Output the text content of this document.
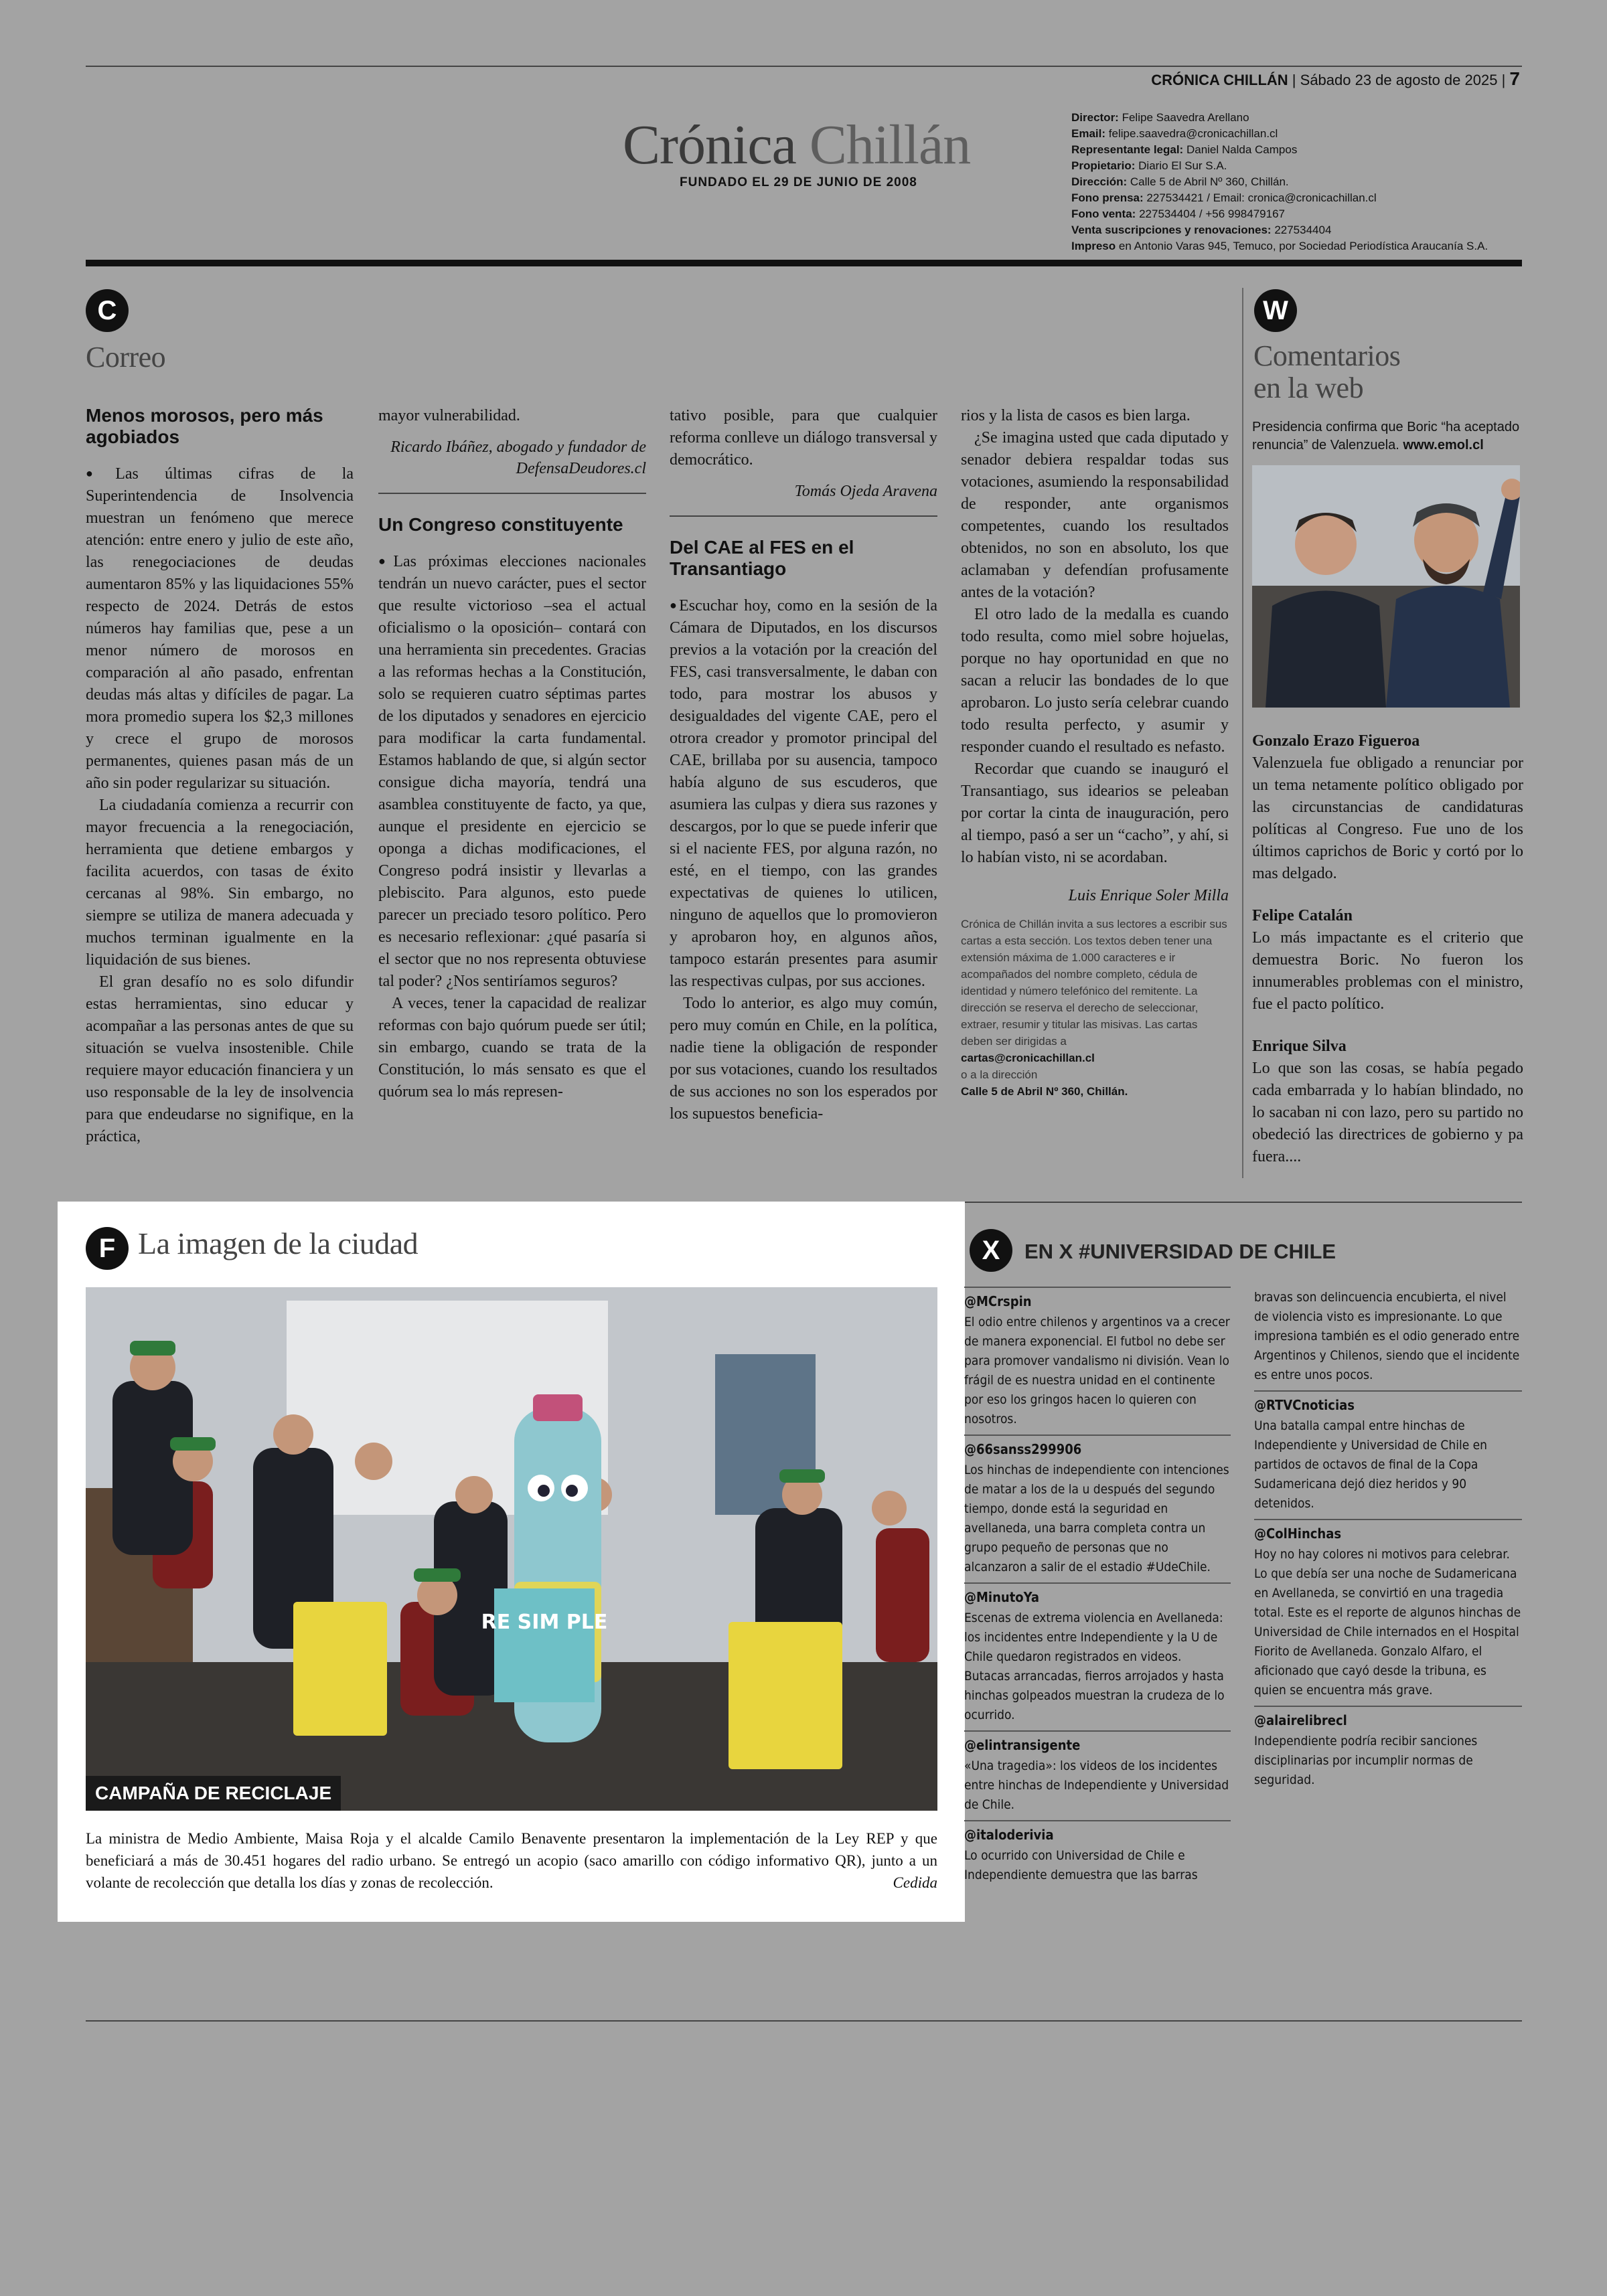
CRÓNICA CHILLÁN | Sábado 23 de agosto de 2025 | 7
Crónica Chillán
FUNDADO EL 29 DE JUNIO DE 2008

Director: Felipe Saavedra Arellano

Email: felipe.saavedra@cronicachillan.cl

Representante legal: Daniel Nalda Campos

Propietario: Diario El Sur S.A.

Dirección: Calle 5 de Abril Nº 360, Chillán.

Fono prensa: 227534421 / Email: cronica@cronicachillan.cl

Fono venta: 227534404 / +56 998479167

Venta suscripciones y renovaciones: 227534404

Impreso en Antonio Varas 945, Temuco, por Sociedad Periodística Araucanía S.A.

C
Correo
Menos morosos, pero más agobiados

●Las últimas cifras de la Superintendencia de Insolvencia muestran un fenómeno que merece atención: entre enero y julio de este año, las renegociaciones de deudas aumentaron 85% y las liquidaciones 55% respecto de 2024. Detrás de estos números hay familias que, pese a un menor número de morosos en comparación al año pasado, enfrentan deudas más altas y difíciles de pagar. La mora promedio supera los $2,3 millones y crece el grupo de morosos permanentes, quienes pasan más de un año sin poder regularizar su situación.

La ciudadanía comienza a recurrir con mayor frecuencia a la renegociación, herramienta que detiene embargos y facilita acuerdos, con tasas de éxito cercanas al 98%. Sin embargo, no siempre se utiliza de manera adecuada y muchos terminan igualmente en la liquidación de sus bienes.

El gran desafío no es solo difundir estas herramientas, sino educar y acompañar a las personas antes de que su situación se vuelva insostenible. Chile requiere mayor educación financiera y un uso responsable de la ley de insolvencia para que endeudarse no signifique, en la práctica,

mayor vulnerabilidad.

Ricardo Ibáñez, abogado y fundador de DefensaDeudores.cl
Un Congreso constituyente

●Las próximas elecciones nacionales tendrán un nuevo carácter, pues el sector que resulte victorioso –sea el actual oficialismo o la oposición– contará con una herramienta sin precedentes. Gracias a las reformas hechas a la Constitución, solo se requieren cuatro séptimas partes de los diputados y senadores en ejercicio para modificar la carta fundamental. Estamos hablando de que, si algún sector consigue dicha mayoría, tendrá una asamblea constituyente de facto, ya que, aunque el presidente en ejercicio se oponga a dichas modificaciones, el Congreso podrá insistir y llevarlas a plebiscito. Para algunos, esto puede parecer un preciado tesoro político. Pero es necesario reflexionar: ¿qué pasaría si el sector que no nos representa obtuviese tal poder? ¿Nos sentiríamos seguros?

A veces, tener la capacidad de realizar reformas con bajo quórum puede ser útil; sin embargo, cuando se trata de la Constitución, lo más sensato es que el quórum sea lo más represen-

tativo posible, para que cualquier reforma conlleve un diálogo transversal y democrático.

Tomás Ojeda Aravena
Del CAE al FES en el Transantiago

●Escuchar hoy, como en la sesión de la Cámara de Diputados, en los discursos previos a la votación por la creación del FES, casi transversalmente, le daban con todo, para mostrar los abusos y desigualdades del vigente CAE, pero el otrora creador y promotor principal del CAE, brillaba por su ausencia, tampoco había alguno de sus escuderos, que asumiera las culpas y diera sus razones y descargos, por lo que se puede inferir que si el naciente FES, por alguna razón, no esté, en el tiempo, con las grandes expectativas de quienes lo utilicen, ninguno de aquellos que lo promovieron y aprobaron hoy, en algunos años, tampoco estarán presentes para asumir las respectivas culpas, por sus acciones.

Todo lo anterior, es algo muy común, pero muy común en Chile, en la política, nadie tiene la obligación de responder por sus votaciones, cuando los resultados de sus acciones no son los esperados por los supuestos beneficia-

rios y la lista de casos es bien larga.

¿Se imagina usted que cada diputado y senador debiera respaldar todas sus votaciones, asumiendo la responsabilidad de responder, ante organismos competentes, cuando los resultados obtenidos, no son en absoluto, los que aclamaban y defendían profusamente antes de la votación?

El otro lado de la medalla es cuando todo resulta, como miel sobre hojuelas, porque no hay oportunidad en que no sacan a relucir las bondades de lo que aprobaron. Lo justo sería celebrar cuando todo resulta perfecto, y asumir y responder cuando el resultado es nefasto.

Recordar que cuando se inauguró el Transantiago, sus idearios se peleaban por cortar la cinta de inauguración, pero al tiempo, pasó a ser un “cacho”, y ahí, si lo habían visto, ni se acordaban.

Luis Enrique Soler Milla
Crónica de Chillán invita a sus lectores a escribir sus cartas a esta sección. Los textos deben tener una extensión máxima de 1.000 caracteres e ir acompañados del nombre completo, cédula de identidad y número telefónico del remitente. La dirección se reserva el derecho de seleccionar, extraer, resumir y titular las misivas. Las cartas deben ser dirigidas a
cartas@cronicachillan.cl
o a la dirección
Calle 5 de Abril Nº 360, Chillán.
W
Comentarios
en la web
Presidencia confirma que Boric “ha aceptado renuncia” de Valenzuela. www.emol.cl

Gonzalo Erazo Figueroa
Valenzuela fue obligado a renunciar por un tema netamente político obligado por las circunstancias de candidaturas políticas al Congreso. Fue uno de los últimos caprichos de Boric y cortó por lo mas delgado.

Felipe Catalán
Lo más impactante es el criterio que demuestra Boric. No fueron los innumerables problemas con el ministro, fue el pacto político.

Enrique Silva
Lo que son las cosas, se había pegado cada embarrada y lo habían blindado, no lo sacaban ni con lazo, pero su partido no obedeció las directrices de gobierno y pa fuera....

F La imagen de la ciudad
RE SIM PLE
CAMPAÑA DE RECICLAJE
La ministra de Medio Ambiente, Maisa Roja y el alcalde Camilo Benavente presentaron la implementación de la Ley REP y que beneficiará a más de 30.451 hogares del radio urbano. Se entregó un acopio (saco amarillo con código informativo QR), junto a un volante de recolección que detalla los días y zonas de recolección.	Cedida
X	EN X #UNIVERSIDAD DE CHILE
@MCrspin
El odio entre chilenos y argentinos va a crecer de manera exponencial. El futbol no debe ser para promover vandalismo ni división. Vean lo frágil de es nuestra unidad en el continente por eso los gringos hacen lo quieren con nosotros.
@66sanss299906
Los hinchas de independiente con intenciones de matar a los de la u después del segundo tiempo, donde está la seguridad en avellaneda, una barra completa contra un grupo pequeño de personas que no alcanzaron a salir de el estadio #UdeChile.
@MinutoYa
Escenas de extrema violencia en Avellaneda: los incidentes entre Independiente y la U de Chile quedaron registrados en videos. Butacas arrancadas, fierros arrojados y hasta hinchas golpeados muestran la crudeza de lo ocurrido.
@elintransigente
«Una tragedia»: los videos de los incidentes entre hinchas de Independiente y Universidad de Chile.
@italoderivia
Lo ocurrido con Universidad de Chile e Independiente demuestra que las barras
bravas son delincuencia encubierta, el nivel de violencia visto es impresionante. Lo que impresiona también es el odio generado entre Argentinos y Chilenos, siendo que el incidente es entre unos pocos.
@RTVCnoticias
Una batalla campal entre hinchas de Independiente y Universidad de Chile en partidos de octavos de final de la Copa Sudamericana dejó diez heridos y 90 detenidos.
@ColHinchas
Hoy no hay colores ni motivos para celebrar. Lo que debía ser una noche de Sudamericana en Avellaneda, se convirtió en una tragedia total. Este es el reporte de algunos hinchas de Universidad de Chile internados en el Hospital Fiorito de Avellaneda. Gonzalo Alfaro, el aficionado que cayó desde la tribuna, es quien se encuentra más grave.
@alairelibrecl
Independiente podría recibir sanciones disciplinarias por incumplir normas de seguridad.
